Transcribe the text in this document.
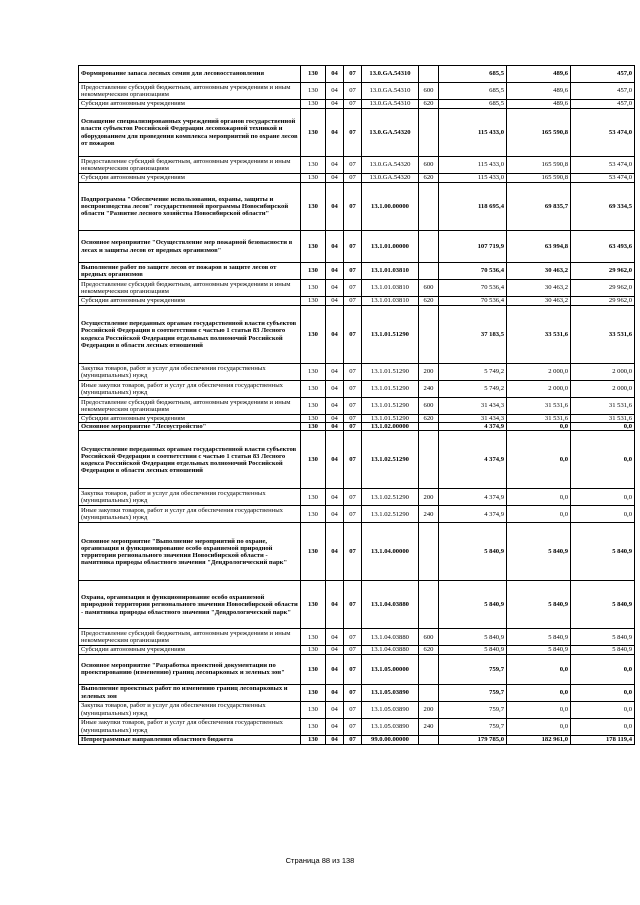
Формирование запаса лесных семян для лесовосстановления	130	04	07	13.0.GA.54310		685,5	489,6	457,0
Предоставление субсидий бюджетным, автономным учреждениям и иным некоммерческим организациям	130	04	07	13.0.GA.54310	600	685,5	489,6	457,0
Субсидии автономным учреждениям	130	04	07	13.0.GA.54310	620	685,5	489,6	457,0
Оснащение специализированных учреждений органов государственной власти субъектов Российской Федерации лесопожарной техникой и оборудованием для проведения комплекса мероприятий по охране лесов от пожаров	130	04	07	13.0.GA.54320		115 433,0	165 590,8	53 474,0
Предоставление субсидий бюджетным, автономным учреждениям и иным некоммерческим организациям	130	04	07	13.0.GA.54320	600	115 433,0	165 590,8	53 474,0
Субсидии автономным учреждениям	130	04	07	13.0.GA.54320	620	115 433,0	165 590,8	53 474,0
Подпрограмма "Обеспечение использования, охраны, защиты и воспроизводства лесов" государственной программы Новосибирской области "Развитие лесного хозяйства Новосибирской области"	130	04	07	13.1.00.00000		118 695,4	69 835,7	69 334,5
Основное мероприятие "Осуществление мер пожарной безопасности в лесах и защиты лесов от вредных организмов"	130	04	07	13.1.01.00000		107 719,9	63 994,8	63 493,6
Выполнение работ по защите лесов от пожаров и защите лесов от вредных организмов	130	04	07	13.1.01.03810		70 536,4	30 463,2	29 962,0
Предоставление субсидий бюджетным, автономным учреждениям и иным некоммерческим организациям	130	04	07	13.1.01.03810	600	70 536,4	30 463,2	29 962,0
Субсидии автономным учреждениям	130	04	07	13.1.01.03810	620	70 536,4	30 463,2	29 962,0
Осуществление переданных органам государственной власти субъектов Российской Федерации в соответствии с частью 1 статьи 83 Лесного кодекса Российской Федерации отдельных полномочий Российской Федерации в области лесных отношений	130	04	07	13.1.01.51290		37 183,5	33 531,6	33 531,6
Закупка товаров, работ и услуг для обеспечения государственных (муниципальных) нужд	130	04	07	13.1.01.51290	200	5 749,2	2 000,0	2 000,0
Иные закупки товаров, работ и услуг для обеспечения государственных (муниципальных) нужд	130	04	07	13.1.01.51290	240	5 749,2	2 000,0	2 000,0
Предоставление субсидий бюджетным, автономным учреждениям и иным некоммерческим организациям	130	04	07	13.1.01.51290	600	31 434,3	31 531,6	31 531,6
Субсидии автономным учреждениям	130	04	07	13.1.01.51290	620	31 434,3	31 531,6	31 531,6
Основное мероприятие "Лесоустройство"	130	04	07	13.1.02.00000		4 374,9	0,0	0,0
Осуществление переданных органам государственной власти субъектов Российской Федерации в соответствии с частью 1 статьи 83 Лесного кодекса Российской Федерации отдельных полномочий Российской Федерации в области лесных отношений	130	04	07	13.1.02.51290		4 374,9	0,0	0,0
Закупка товаров, работ и услуг для обеспечения государственных (муниципальных) нужд	130	04	07	13.1.02.51290	200	4 374,9	0,0	0,0
Иные закупки товаров, работ и услуг для обеспечения государственных (муниципальных) нужд	130	04	07	13.1.02.51290	240	4 374,9	0,0	0,0
Основное мероприятие "Выполнение мероприятий по охране, организация и функционирование особо охраняемой природной территории регионального значения Новосибирской области - памятника природы областного значения "Дендрологический парк"	130	04	07	13.1.04.00000		5 840,9	5 840,9	5 840,9
Охрана, организация и функционирование особо охраняемой природной территории регионального значения Новосибирской области - памятника природы областного значения "Дендрологический парк"	130	04	07	13.1.04.03880		5 840,9	5 840,9	5 840,9
Предоставление субсидий бюджетным, автономным учреждениям и иным некоммерческим организациям	130	04	07	13.1.04.03880	600	5 840,9	5 840,9	5 840,9
Субсидии автономным учреждениям	130	04	07	13.1.04.03880	620	5 840,9	5 840,9	5 840,9
Основное мероприятие "Разработка проектной документации по проектированию (изменению) границ лесопарковых и зеленых зон"	130	04	07	13.1.05.00000		759,7	0,0	0,0
Выполнение проектных работ по изменению границ лесопарковых и зеленых зон	130	04	07	13.1.05.03890		759,7	0,0	0,0
Закупка товаров, работ и услуг для обеспечения государственных (муниципальных) нужд	130	04	07	13.1.05.03890	200	759,7	0,0	0,0
Иные закупки товаров, работ и услуг для обеспечения государственных (муниципальных) нужд	130	04	07	13.1.05.03890	240	759,7	0,0	0,0
Непрограммные направления областного бюджета	130	04	07	99.0.00.00000		179 785,0	182 961,0	178 119,4
Страница 88 из 138
